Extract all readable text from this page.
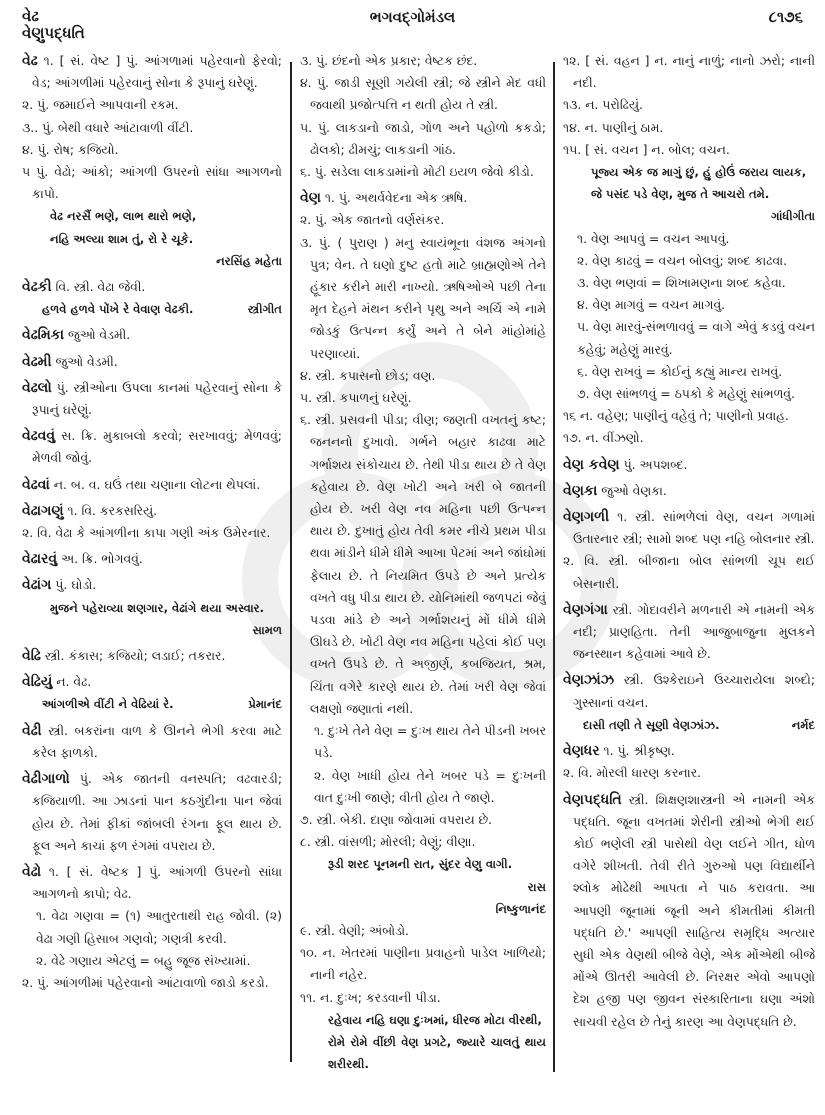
વેઢ
વેણુપદ્ધતિ
ભગવદ્ગોમંડલ	૮૧૭૬

વેઢ ૧. [ સં. વેષ્ટ ] પું. આંગળામાં પહેરવાનો ફેરવો; વેડ; આંગળીમાં પહેરવાનું સોના કે રૂપાનું ઘરેણું.

૨. પું. જમાઈને આપવાની રકમ.

૩.. પું. બેથી વધારે આંટાવાળી વીંટી.

૪. પું. રોષ; કજિયો.

૫ પું. વેઢો; આંકો; આંગળી ઉપરનો સાંધા આગળનો કાપો.

વેઢ નરસૈં ભણે, લાભ થારો ભણે,

નહિ અલ્યા શામ તું, રો રે ચૂકે.

નરસિંહ મહેતા

વેઢકી વિ. સ્ત્રી. વેઢા જેવી.

હળવે હળવે પોંખે રે વેવાણ વેઢકી.	સ્ત્રીગીત

વેઢમિકા જુઓ વેડમી.

વેઢમી જુઓ વેડમી.

વેઢલો પું. સ્ત્રીઓના ઉપલા કાનમાં પહેરવાનું સોના કે રૂપાનું ઘરેણું.

વેઢવવું સ. ક્રિ. મુકાબલો કરવો; સરખાવવું; મેળવવું; મેળવી જોવું.

વેઢવાં ન. બ. વ. ઘઉં તથા ચણાના લોટના થેપલાં.

વેઢાગણું ૧. વિ. કરકસરિયું.

૨. વિ. વેઢા કે આંગળીના કાપા ગણી અંક ઉમેરનાર.

વેઢારવું અ. ક્રિ. ભોગવવું.

વેઢાંગ પું. ઘોડો.

મુજને પહેરાવ્યા શણગાર, વેઢાંગે થયા અસ્વાર.

સામળ

વેઢિ સ્ત્રી. કંકાસ; કજિયો; લડાઈ; તકરાર.

વેઢિયું ન. વેઢ.

આંગળીએ વીંટી ને વેઢિયાં રે.	પ્રેમાનંદ

વેઢી સ્ત્રી. બકરાંના વાળ કે ઊનને ભેગી કરવા માટે કરેલ ફાળકો.

વેઢીગાળો પું. એક જાતની વનસ્પતિ; વઢવારડી; કજિયાળી. આ ઝાડનાં પાન કઠગુંદીના પાન જેવાં હોય છે. તેમાં ફીકાં જાંબલી રંગના ફૂલ થાય છે. ફૂલ અને કાચાં ફળ રંગમાં વપરાય છે.

વેઢો ૧. [ સં. વેષ્ટક ] પું. આંગળી ઉપરનો સાંધા આગળનો કાપો; વેઢ.

૧. વેઢા ગણવા = (૧) આતુરતાથી રાહ જોવી. (૨) વેઢા ગણી હિસાબ ગણવો; ગણત્રી કરવી.

૨. વેઢે ગણાય એટલું = બહુ જૂજ સંખ્યામાં.

૨. પું. આંગળીમાં પહેરવાનો આંટાવાળો જાડો કરડો.

૩. પું. છંદનો એક પ્રકાર; વેષ્ટક છંદ.

૪. પું. જાડી સૂણી ગયેલી સ્ત્રી; જે સ્ત્રીને મેદ વધી જવાથી પ્રજોત્પત્તિ ન થતી હોય તે સ્ત્રી.

૫. પું. લાકડાનો જાડો, ગોળ અને પહોળો કકડો; ઢોલકો; ઢીમચું; લાકડાની ગાંઠ.

૬. પું. સડેલા લાકડામાંનો મોટી ઇયળ જેવો કીડો.

વેણ ૧. પું. અથર્વવેદના એક ઋષિ.

૨. પું. એક જાતનો વર્ણસંકર.

૩. પું. ( પુરાણ ) મનુ સ્વાયંભૂના વંશજ અંગનો પુત્ર; વેન. તે ઘણો દુષ્ટ હતો માટે બ્રાહ્મણોએ તેને હૂંકાર કરીને મારી નાખ્યો. ઋષિઓએ પછી તેના મૃત દેહને મંથન કરીને પૃથુ અને અર્ચિ એ નામે જોડકું ઉત્પન્ન કર્યું અને તે બેને માંહોમાંહે પરણાવ્યાં.

૪. સ્ત્રી. કપાસનો છોડ; વણ.

૫. સ્ત્રી. કપાળનું ઘરેણું.

૬. સ્ત્રી. પ્રસવની પીડા; વીણ; જણતી વખતનું કષ્ટ; જનનનો દુખાવો. ગર્ભને બહાર કાઢવા માટે ગર્ભાશય સંકોચાય છે. તેથી પીડા થાય છે તે વેણ કહેવાય છે. વેણ ખોટી અને ખરી બે જાતની હોય છે. ખરી વેણ નવ મહિના પછી ઉત્પન્ન થાય છે. દુખાતું હોય તેવી કમર નીચે પ્રથમ પીડા થવા માંડીને ધીમે ધીમે આખા પેટમાં અને જાંઘોમાં ફેલાય છે. તે નિયમિત ઉપડે છે અને પ્રત્યેક વખતે વધુ પીડા થાય છે. યોનિમાંથી જળપટાં જેવું પડવા માંડે છે અને ગર્ભાશયનું મોં ધીમે ધીમે ઊઘડે છે. ખોટી વેણ નવ મહિના પહેલાં કોઈ પણ વખતે ઉપડે છે. તે અજીર્ણ, કબજિયત, શ્રમ, ચિંતા વગેરે કારણે થાય છે. તેમાં ખરી વેણ જેવાં લક્ષણો જણાતાં નથી.

૧. દુઃખે તેને વેણ = દુઃખ થાય તેને પીડની ખબર પડે.

૨. વેણ ખાધી હોય તેને ખબર પડે = દુઃખની વાત દુઃખી જાણે; વીતી હોય તે જાણે.

૭. સ્ત્રી. બેકી. દાણા જોવામાં વપરાય છે.

૮. સ્ત્રી. વાંસળી; મોરલી; વેણું; વીણા.

રૂડી શરદ પૂનમની રાત, સુંદર વેણુ વાગી.

રાસ

નિષ્કુળાનંદ

૯. સ્ત્રી. વેણી; અંબોડો.

૧૦. ન. ખેતરમાં પાણીના પ્રવાહનો પાડેલ ખાળિયો; નાની નહેર.

૧૧. ન. દુઃખ; કરડવાની પીડા.

રહેવાય નહિ ઘણા દુઃખમાં, ધીરજ મોટા વીરથી,

રોમે રોમે વીંછી વેણ પ્રગટે, જ્યારે ચાલતું થાય શરીરથી.

૧૨. [ સં. વહન ] ન. નાનું નાળું; નાનો ઝરો; નાની નદી.

૧૩. ન. પરોઢિયું.

૧૪. ન. પાણીનું ઠામ.

૧૫. [ સં. વચન ] ન. બોલ; વચન.

પૂજ્ય એક જ માગું છું, હું હોઉં જરાય લાયક,

જે પસંદ પડે વેણ, મુજ તે આચરો તમે.

ગાંધીગીતા

૧. વેણ આપવું = વચન આપવું.

૨. વેણ કાઢવું = વચન બોલવું; શબ્દ કાઢવા.

૩. વેણ ભણવાં = શિખામણના શબ્દ કહેવા.

૪. વેણ માગવું = વચન માગવું.

૫. વેણ મારવું-સંભળાવવું = વાગે એવું કડવું વચન કહેવું; મહેણું મારવું.

૬. વેણ રાખવું = કોઈનું કહ્યું માન્ય રાખવું.

૭. વેણ સાંભળવું = ઠપકો કે મહેણું સાંભળવું.

૧૬ ન. વહેણ; પાણીનું વહેવું તે; પાણીનો પ્રવાહ.

૧૭. ન. વીંઝણો.

વેણ કવેણ પું. અપશબ્દ.

વેણકા જુઓ વેણકા.

વેણગળી ૧. સ્ત્રી. સાંભળેલાં વેણ, વચન ગળામાં ઉતારનાર સ્ત્રી; સામો શબ્દ પણ નહિ બોલનાર સ્ત્રી.

૨. વિ. સ્ત્રી. બીજાના બોલ સાંભળી ચૂપ થઈ બેસનારી.

વેણગંગા સ્ત્રી. ગોદાવરીને મળનારી એ નામની એક નદી; પ્રાણહિતા. તેની આજુબાજુના મુલકને જનસ્થાન કહેવામાં આવે છે.

વેણઝાંઝ સ્ત્રી. ઉશ્કેરાઇને ઉચ્ચારાયેલા શબ્દો; ગુસ્સાનાં વચન.

દાસી તણી તે સૂણી વેણઝાંઝ.	નર્મદ

વેણધર ૧. પું. શ્રીકૃષ્ણ.

૨. વિ. મોરલી ધારણ કરનાર.

વેણપદ્ધતિ સ્ત્રી. શિક્ષણશાસ્ત્રની એ નામની એક પદ્ધતિ. જૂના વખતમાં શેરીની સ્ત્રીઓ ભેગી થઈ કોઈ ભણેલી સ્ત્રી પાસેથી વેણ લઈને ગીત, ધોળ વગેરે શીખતી. તેવી રીતે ગુરુઓ પણ વિદ્યાર્થીને શ્લોક મોઢેથી આપતા ને પાઠ કરાવતા. આ આપણી જૂનામાં જૂની અને કીમતીમાં કીમતી પદ્ધતિ છે.' આપણી સાહિત્ય સમૃદ્ધિ અત્યાર સુધી એક વેણથી બીજે વેણે, એક મોંએથી બીજે મોંએ ઊતરી આવેલી છે. નિરક્ષર એવો આપણો દેશ હજી પણ જીવન સંસ્કારિતાના ઘણા અંશો સાચવી રહેલ છે તેનું કારણ આ વેણપદ્ધતિ છે.
